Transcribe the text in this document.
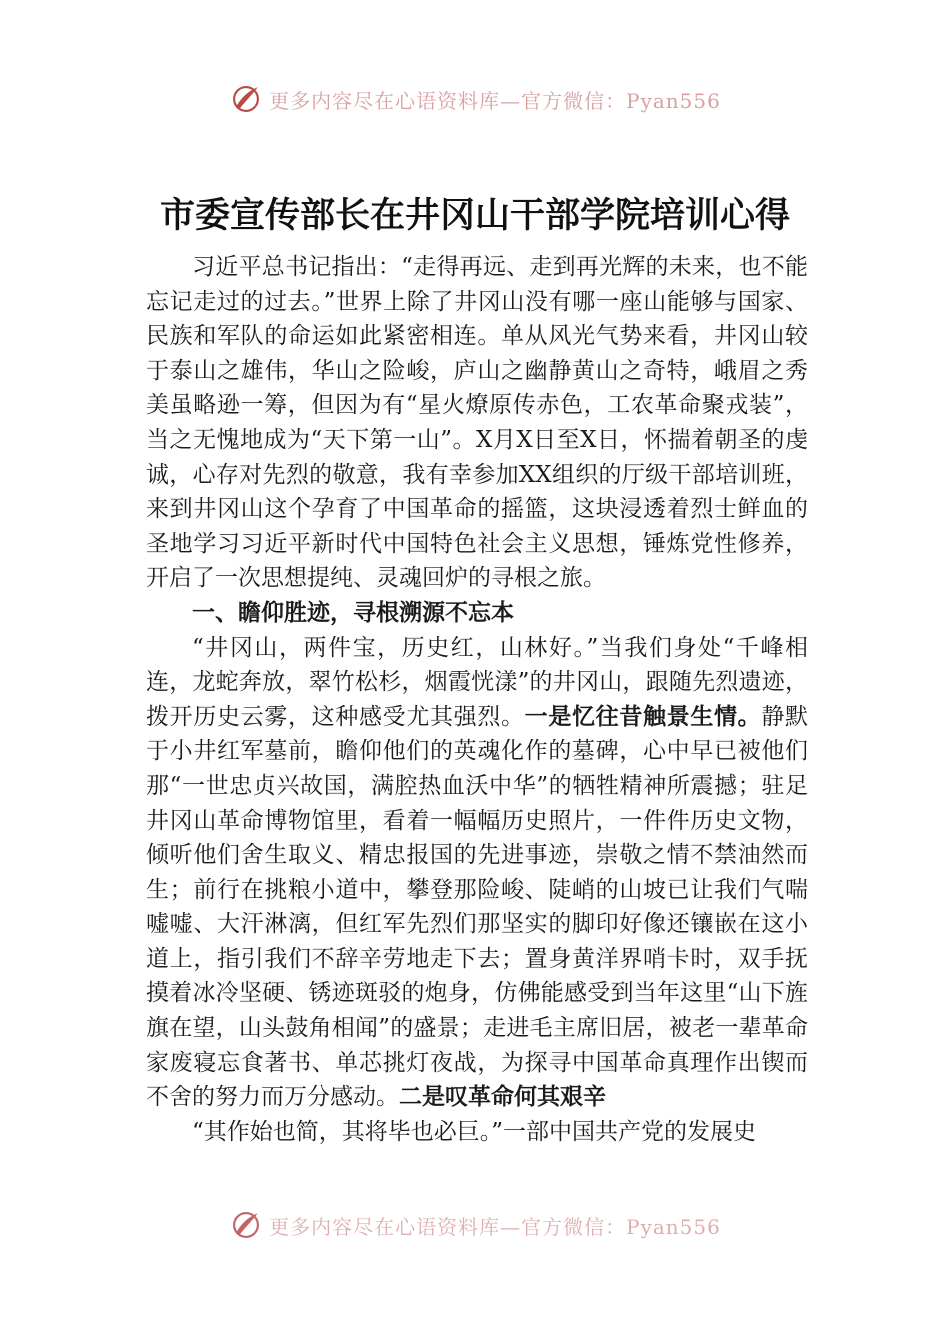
更多内容尽在心语资料库—官方微信：Pyan556
市委宣传部长在井冈山干部学院培训心得

习近平总书记指出：“走得再远、走到再光辉的未来，也不能忘记走过的过去。”世界上除了井冈山没有哪一座山能够与国家、民族和军队的命运如此紧密相连。单从风光气势来看，井冈山较于泰山之雄伟，华山之险峻，庐山之幽静黄山之奇特，峨眉之秀美虽略逊一筹，但因为有“星火燎原传赤色，工农革命聚戎装”，当之无愧地成为“天下第一山”。X月X日至X日，怀揣着朝圣的虔诚，心存对先烈的敬意，我有幸参加XX组织的厅级干部培训班，来到井冈山这个孕育了中国革命的摇篮，这块浸透着烈士鲜血的圣地学习习近平新时代中国特色社会主义思想，锤炼党性修养，开启了一次思想提纯、灵魂回炉的寻根之旅。

一、瞻仰胜迹，寻根溯源不忘本

“井冈山，两件宝，历史红，山林好。”当我们身处“千峰相连，龙蛇奔放，翠竹松杉，烟霞恍漾”的井冈山，跟随先烈遗迹，拨开历史云雾，这种感受尤其强烈。一是忆往昔触景生情。静默于小井红军墓前，瞻仰他们的英魂化作的墓碑，心中早已被他们那“一世忠贞兴故国，满腔热血沃中华”的牺牲精神所震撼；驻足井冈山革命博物馆里，看着一幅幅历史照片，一件件历史文物，倾听他们舍生取义、精忠报国的先进事迹，崇敬之情不禁油然而生；前行在挑粮小道中，攀登那险峻、陡峭的山坡已让我们气喘嘘嘘、大汗淋漓，但红军先烈们那坚实的脚印好像还镶嵌在这小道上，指引我们不辞辛劳地走下去；置身黄洋界哨卡时，双手抚摸着冰冷坚硬、锈迹斑驳的炮身，仿佛能感受到当年这里“山下旌旗在望，山头鼓角相闻”的盛景；走进毛主席旧居，被老一辈革命家废寝忘食著书、单芯挑灯夜战，为探寻中国革命真理作出锲而不舍的努力而万分感动。二是叹革命何其艰辛

“其作始也简，其将毕也必巨。”一部中国共产党的发展史

更多内容尽在心语资料库—官方微信：Pyan556
